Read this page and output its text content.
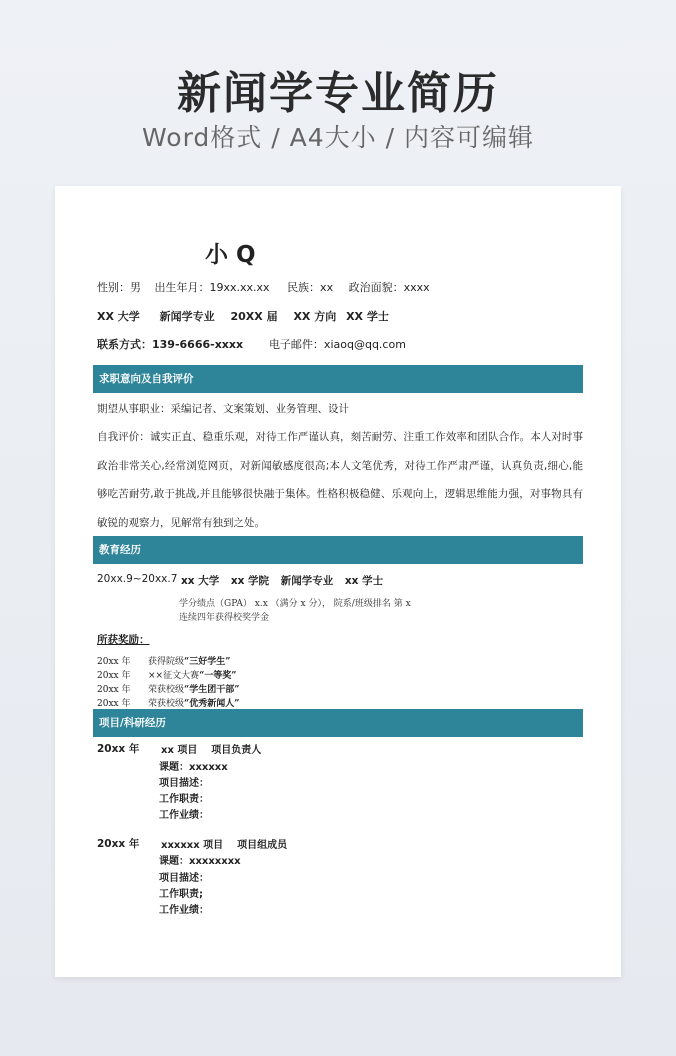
新闻学专业简历
Word格式 / A4大小 / 内容可编辑
小 Q
性别：男 出生年月：19xx.xx.xx 民族：xx 政治面貌：xxxx
XX 大学 新闻学专业 20XX 届 XX 方向 XX 学士
联系方式：139-6666-xxxx 电子邮件：xiaoq@qq.com
求职意向及自我评价
期望从事职业：采编记者、文案策划、业务管理、设计
自我评价：诚实正直、稳重乐观，对待工作严谨认真，刻苦耐劳、注重工作效率和团队合作。本人对时事政治非常关心,经常浏览网页，对新闻敏感度很高;本人文笔优秀，对待工作严肃严谨，认真负责,细心,能够吃苦耐劳,敢于挑战,并且能够很快融于集体。性格积极稳健、乐观向上，逻辑思维能力强，对事物具有敏锐的观察力，见解常有独到之处。
教育经历
20xx.9~20xx.7 xx 大学 xx 学院 新闻学专业 xx 学士
学分绩点（GPA） x.x （满分 x 分）， 院系/班级排名 第 x
连续四年获得校奖学金
所获奖励：
20xx 年 获得院级“三好学生”
20xx 年 ××征文大赛“一等奖”
20xx 年 荣获校级“学生团干部”
20xx 年 荣获校级“优秀新闻人”
项目/科研经历
20xx 年 xx 项目    项目负责人
课题：xxxxxx
项目描述：
工作职责：
工作业绩：
20xx 年 xxxxxx 项目    项目组成员
课题：xxxxxxxx
项目描述：
工作职责;
工作业绩：
